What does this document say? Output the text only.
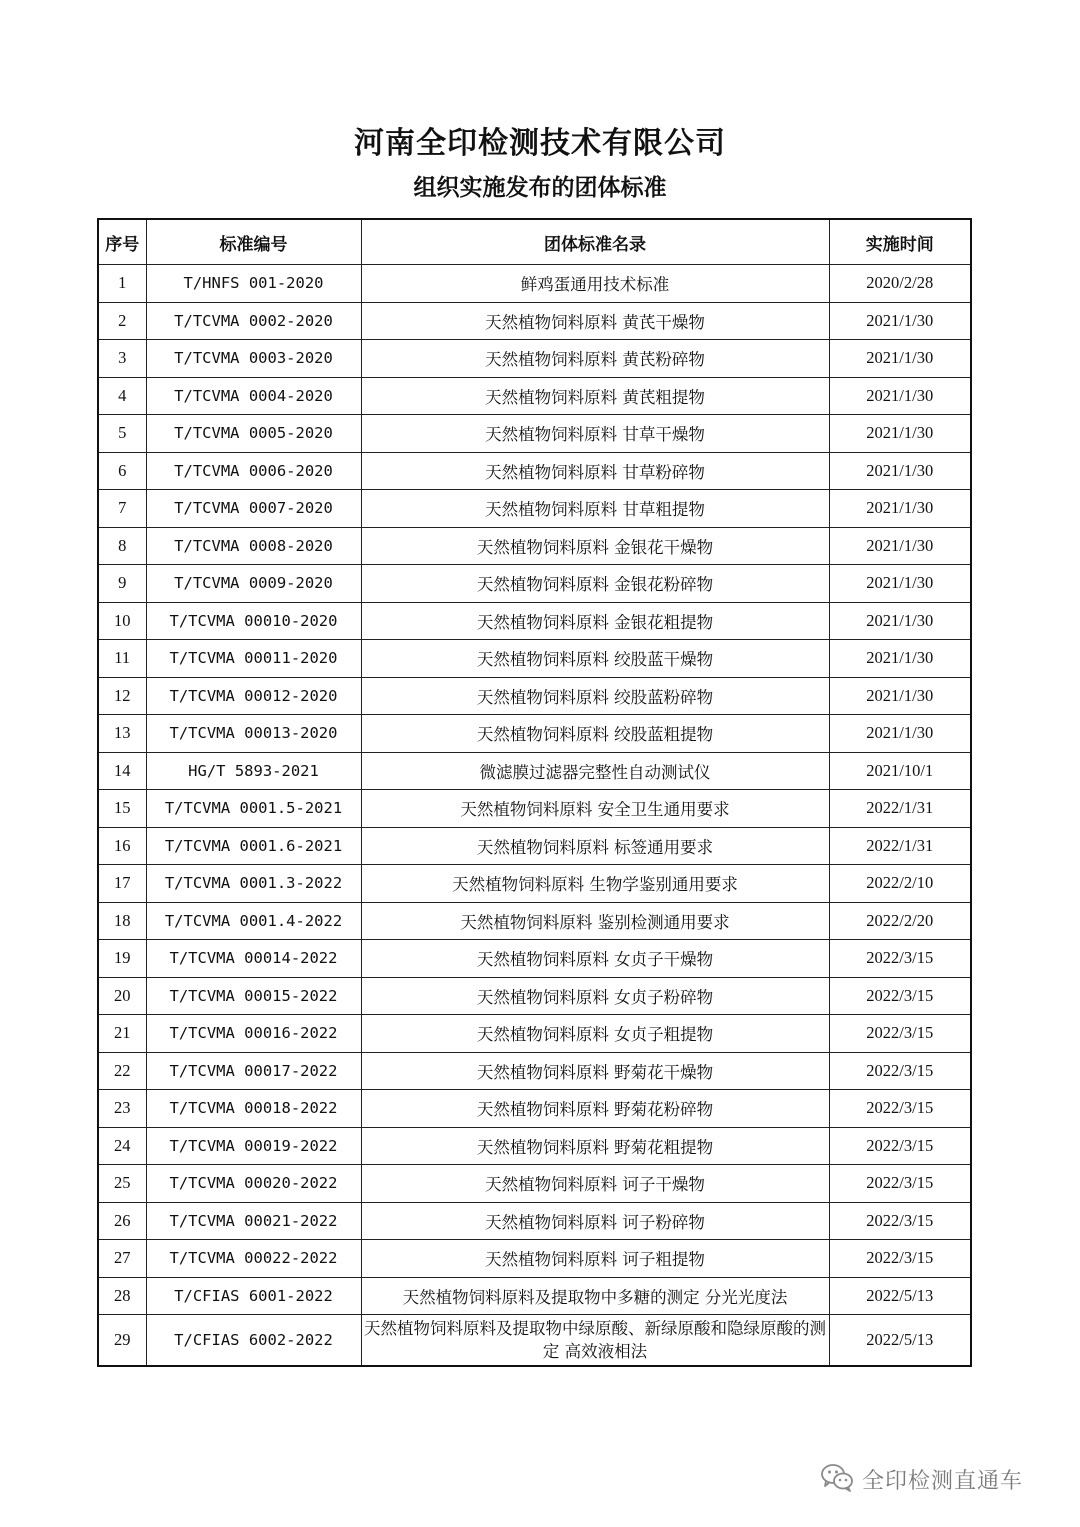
河南全印检测技术有限公司
组织实施发布的团体标准
序号	标准编号	团体标准名录	实施时间
1	T/HNFS 001-2020	鲜鸡蛋通用技术标准	2020/2/28
2	T/TCVMA 0002-2020	天然植物饲料原料 黄芪干燥物	2021/1/30
3	T/TCVMA 0003-2020	天然植物饲料原料 黄芪粉碎物	2021/1/30
4	T/TCVMA 0004-2020	天然植物饲料原料 黄芪粗提物	2021/1/30
5	T/TCVMA 0005-2020	天然植物饲料原料 甘草干燥物	2021/1/30
6	T/TCVMA 0006-2020	天然植物饲料原料 甘草粉碎物	2021/1/30
7	T/TCVMA 0007-2020	天然植物饲料原料 甘草粗提物	2021/1/30
8	T/TCVMA 0008-2020	天然植物饲料原料 金银花干燥物	2021/1/30
9	T/TCVMA 0009-2020	天然植物饲料原料 金银花粉碎物	2021/1/30
10	T/TCVMA 00010-2020	天然植物饲料原料 金银花粗提物	2021/1/30
11	T/TCVMA 00011-2020	天然植物饲料原料 绞股蓝干燥物	2021/1/30
12	T/TCVMA 00012-2020	天然植物饲料原料 绞股蓝粉碎物	2021/1/30
13	T/TCVMA 00013-2020	天然植物饲料原料 绞股蓝粗提物	2021/1/30
14	HG/T 5893-2021	微滤膜过滤器完整性自动测试仪	2021/10/1
15	T/TCVMA 0001.5-2021	天然植物饲料原料 安全卫生通用要求	2022/1/31
16	T/TCVMA 0001.6-2021	天然植物饲料原料 标签通用要求	2022/1/31
17	T/TCVMA 0001.3-2022	天然植物饲料原料 生物学鉴别通用要求	2022/2/10
18	T/TCVMA 0001.4-2022	天然植物饲料原料 鉴别检测通用要求	2022/2/20
19	T/TCVMA 00014-2022	天然植物饲料原料 女贞子干燥物	2022/3/15
20	T/TCVMA 00015-2022	天然植物饲料原料 女贞子粉碎物	2022/3/15
21	T/TCVMA 00016-2022	天然植物饲料原料 女贞子粗提物	2022/3/15
22	T/TCVMA 00017-2022	天然植物饲料原料 野菊花干燥物	2022/3/15
23	T/TCVMA 00018-2022	天然植物饲料原料 野菊花粉碎物	2022/3/15
24	T/TCVMA 00019-2022	天然植物饲料原料 野菊花粗提物	2022/3/15
25	T/TCVMA 00020-2022	天然植物饲料原料 诃子干燥物	2022/3/15
26	T/TCVMA 00021-2022	天然植物饲料原料 诃子粉碎物	2022/3/15
27	T/TCVMA 00022-2022	天然植物饲料原料 诃子粗提物	2022/3/15
28	T/CFIAS 6001-2022	天然植物饲料原料及提取物中多糖的测定 分光光度法	2022/5/13
29	T/CFIAS 6002-2022	天然植物饲料原料及提取物中绿原酸、新绿原酸和隐绿原酸的测定 高效液相法	2022/5/13
全印检测直通车
